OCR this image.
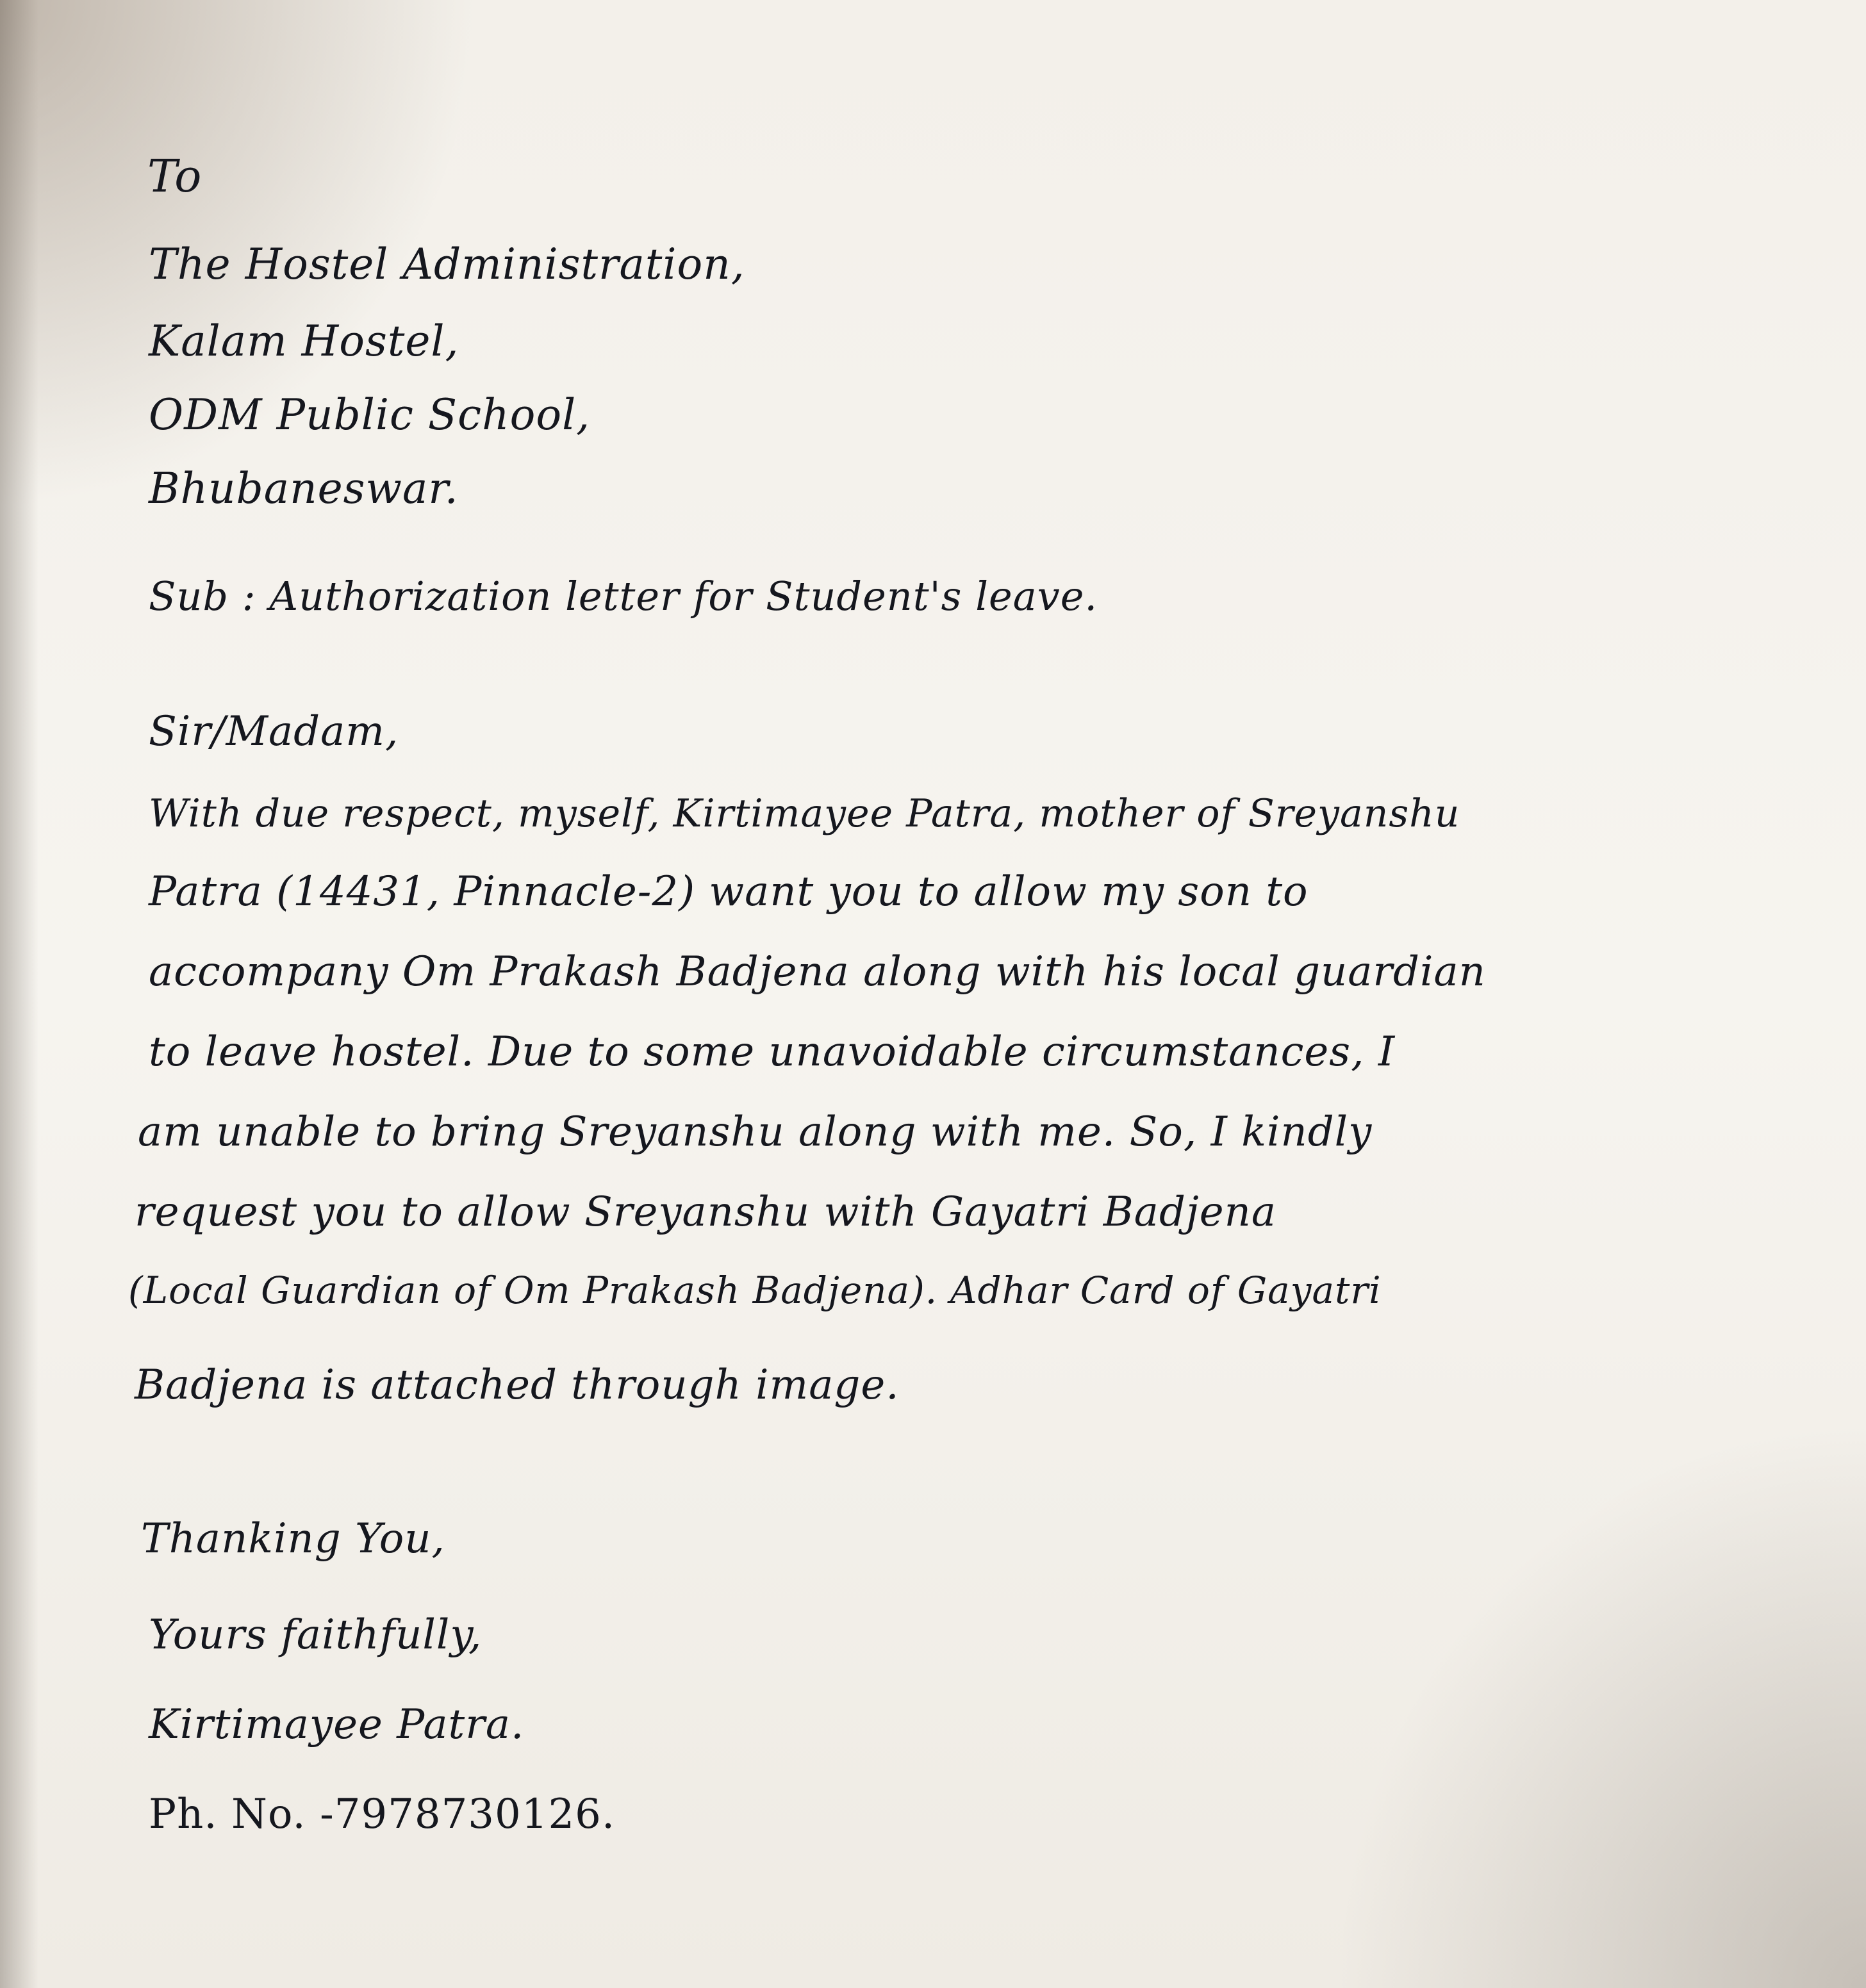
To
The Hostel Administration,
Kalam Hostel,
ODM Public School,
Bhubaneswar.
Sub : Authorization letter for Student's leave.
Sir/Madam,
With due respect, myself, Kirtimayee Patra, mother of Sreyanshu
Patra (14431, Pinnacle-2) want you to allow my son to
accompany Om Prakash Badjena along with his local guardian
to leave hostel. Due to some unavoidable circumstances, I
am unable to bring Sreyanshu along with me. So, I kindly
request you to allow Sreyanshu with Gayatri Badjena
(Local Guardian of Om Prakash Badjena). Adhar Card of Gayatri
Badjena is attached through image.
Thanking You,
Yours faithfully,
Kirtimayee Patra.
Ph. No. -7978730126.
